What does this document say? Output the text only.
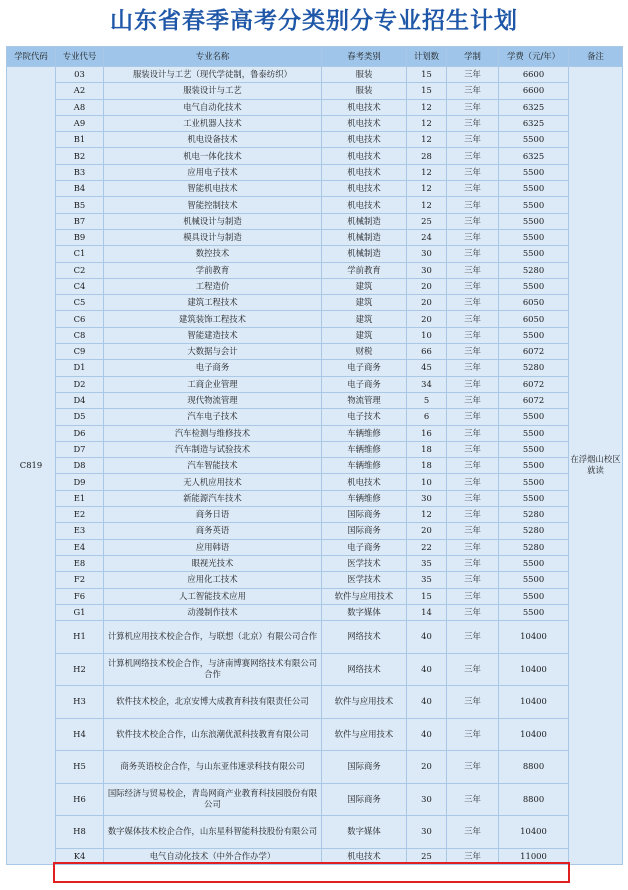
山东省春季高考分类别分专业招生计划
学院代码	专业代号	专业名称	春考类别	计划数	学制	学费（元/年）	备注
C819	03	服装设计与工艺（现代学徒制，鲁泰纺织）	服装	15	三年	6600	在浮烟山校区就读
	A2	服装设计与工艺	服装	15	三年	6600	
	A8	电气自动化技术	机电技术	12	三年	6325	
	A9	工业机器人技术	机电技术	12	三年	6325	
	B1	机电设备技术	机电技术	12	三年	5500	
	B2	机电一体化技术	机电技术	28	三年	6325	
	B3	应用电子技术	机电技术	12	三年	5500	
	B4	智能机电技术	机电技术	12	三年	5500	
	B5	智能控制技术	机电技术	12	三年	5500	
	B7	机械设计与制造	机械制造	25	三年	5500	
	B9	模具设计与制造	机械制造	24	三年	5500	
	C1	数控技术	机械制造	30	三年	5500	
	C2	学前教育	学前教育	30	三年	5280	
	C4	工程造价	建筑	20	三年	5500	
	C5	建筑工程技术	建筑	20	三年	6050	
	C6	建筑装饰工程技术	建筑	20	三年	6050	
	C8	智能建造技术	建筑	10	三年	5500	
	C9	大数据与会计	财税	66	三年	6072	
	D1	电子商务	电子商务	45	三年	5280	
	D2	工商企业管理	电子商务	34	三年	6072	
	D4	现代物流管理	物流管理	5	三年	6072	
	D5	汽车电子技术	电子技术	6	三年	5500	
	D6	汽车检测与维修技术	车辆维修	16	三年	5500	
	D7	汽车制造与试验技术	车辆维修	18	三年	5500	
	D8	汽车智能技术	车辆维修	18	三年	5500	
	D9	无人机应用技术	机电技术	10	三年	5500	
	E1	新能源汽车技术	车辆维修	30	三年	5500	
	E2	商务日语	国际商务	12	三年	5280	
	E3	商务英语	国际商务	20	三年	5280	
	E4	应用韩语	电子商务	22	三年	5280	
	E8	眼视光技术	医学技术	35	三年	5500	
	F2	应用化工技术	医学技术	35	三年	5500	
	F6	人工智能技术应用	软件与应用技术	15	三年	5500	
	G1	动漫制作技术	数字媒体	14	三年	5500	
	H1	计算机应用技术校企合作，与联想（北京）有限公司合作	网络技术	40	三年	10400	
	H2	计算机网络技术校企合作，与济南博赛网络技术有限公司合作	网络技术	40	三年	10400	
	H3	软件技术校企，北京安博大成教育科技有限责任公司	软件与应用技术	40	三年	10400	
	H4	软件技术校企合作，山东浪潮优派科技教育有限公司	软件与应用技术	40	三年	10400	
	H5	商务英语校企合作，与山东亚伟速录科技有限公司	国际商务	20	三年	8800	
	H6	国际经济与贸易校企，青岛网商产业教育科技园股份有限公司	国际商务	30	三年	8800	
	H8	数字媒体技术校企合作，山东星科智能科技股份有限公司	数字媒体	30	三年	10400	
	K4	电气自动化技术（中外合作办学）	机电技术	25	三年	11000	
